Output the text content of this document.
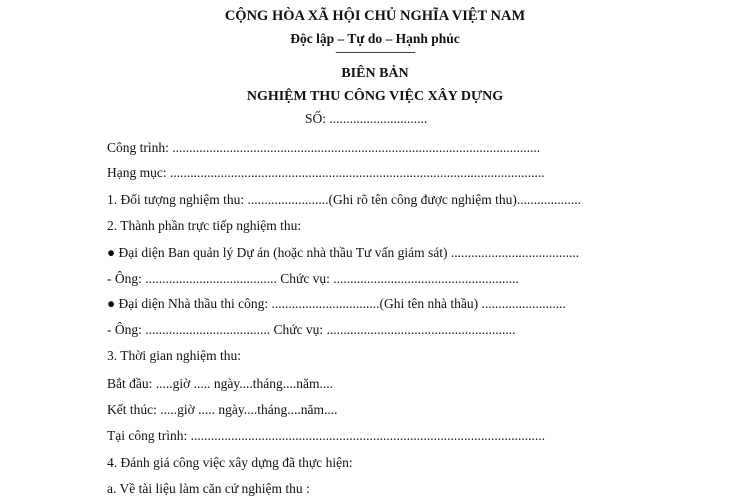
CỘNG HÒA XÃ HỘI CHỦ NGHĨA VIỆT NAM
Độc lập – Tự do – Hạnh phúc
----------------------------------
BIÊN BẢN
NGHIỆM THU CÔNG VIỆC XÂY DỰNG
SỐ: .............................
Công trình: .............................................................................................................
Hạng mục: ...............................................................................................................
1. Đối tượng nghiệm thu: ........................(Ghi rõ tên công được nghiệm thu)...................
2. Thành phần trực tiếp nghiệm thu:
● Đại diện Ban quản lý Dự án (hoặc nhà thầu Tư vấn giám sát) ......................................
- Ông: ....................................... Chức vụ: .......................................................
● Đại diện Nhà thầu thi công: ................................(Ghi tên nhà thầu) .........................
- Ông: ..................................... Chức vụ: ........................................................
3. Thời gian nghiệm thu:
Bắt đầu: .....giờ ..... ngày....tháng....năm....
Kết thúc: .....giờ ..... ngày....tháng....năm....
Tại công trình: .........................................................................................................
4. Đánh giá công việc xây dựng đã thực hiện:
a. Về tài liệu làm căn cứ nghiệm thu :
